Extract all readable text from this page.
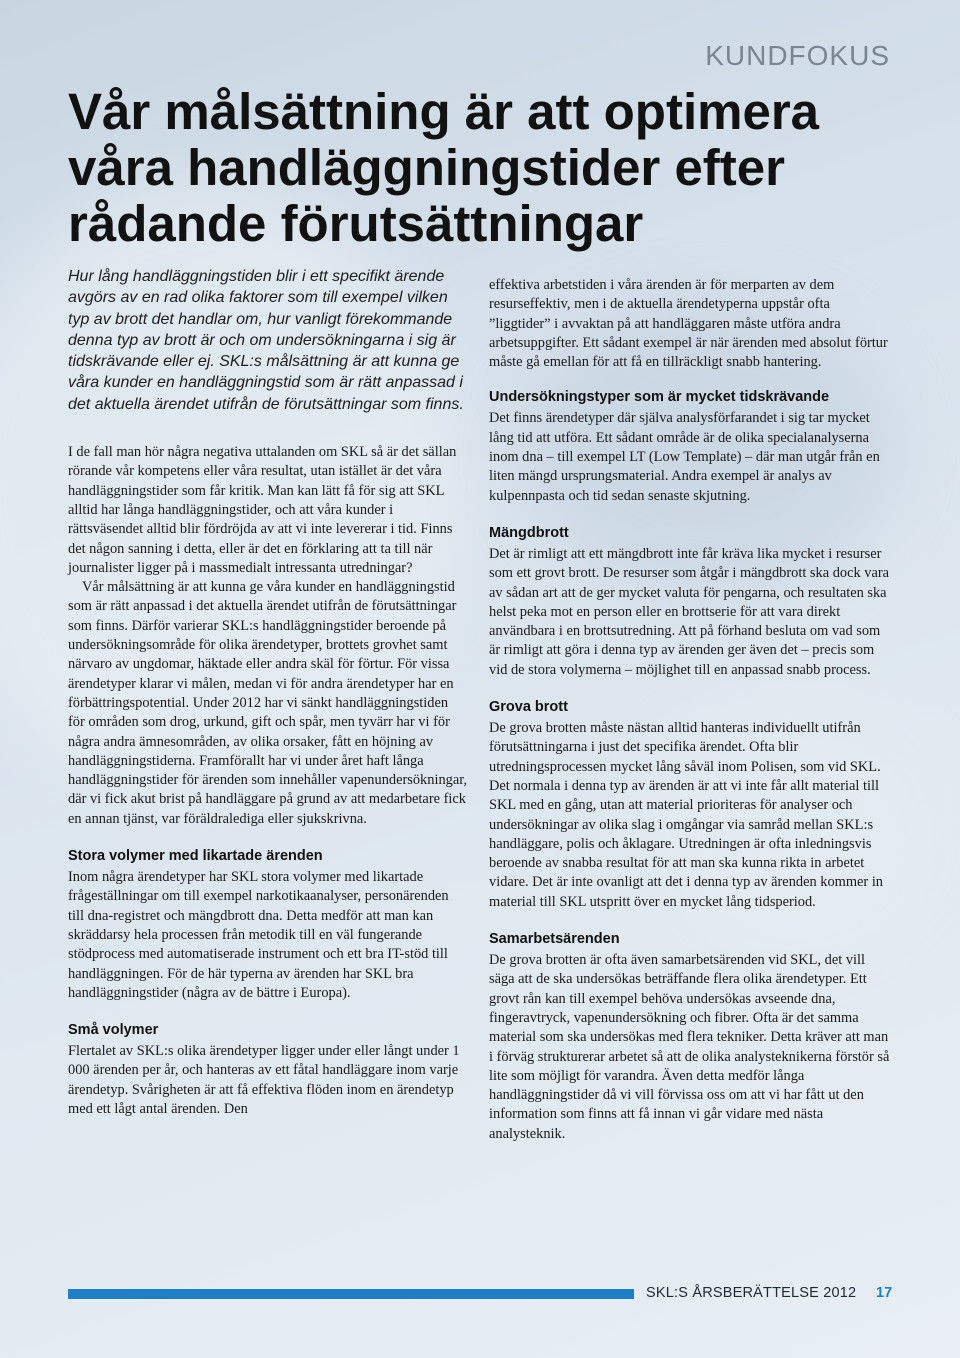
KUNDFOKUS
Vår målsättning är att optimera våra handläggningstider efter rådande förutsättningar

Hur lång handläggningstiden blir i ett specifikt ärende avgörs av en rad olika faktorer som till exempel vilken typ av brott det handlar om, hur vanligt förekommande denna typ av brott är och om undersökningarna i sig är tidskrävande eller ej. SKL:s målsättning är att kunna ge våra kunder en handläggningstid som är rätt anpassad i det aktuella ärendet utifrån de förutsättningar som finns.

I de fall man hör några negativa uttalanden om SKL så är det sällan rörande vår kompetens eller våra resultat, utan istället är det våra handläggningstider som får kritik. Man kan lätt få för sig att SKL alltid har långa handläggningstider, och att våra kunder i rättsväsendet alltid blir fördröjda av att vi inte levererar i tid. Finns det någon sanning i detta, eller är det en förklaring att ta till när journalister ligger på i massmedialt intressanta utredningar?

Vår målsättning är att kunna ge våra kunder en handläggningstid som är rätt anpassad i det aktuella ärendet utifrån de förutsättningar som finns. Därför varierar SKL:s handläggningstider beroende på undersökningsområde för olika ärendetyper, brottets grovhet samt närvaro av ungdomar, häktade eller andra skäl för förtur. För vissa ärendetyper klarar vi målen, medan vi för andra ärendetyper har en förbättringspotential. Under 2012 har vi sänkt handläggningstiden för områden som drog, urkund, gift och spår, men tyvärr har vi för några andra ämnesområden, av olika orsaker, fått en höjning av handläggningstiderna. Framförallt har vi under året haft långa handläggningstider för ärenden som innehåller vapenundersökningar, där vi fick akut brist på handläggare på grund av att medarbetare fick en annan tjänst, var föräldralediga eller sjukskrivna.

Stora volymer med likartade ärenden

Inom några ärendetyper har SKL stora volymer med likartade frågeställningar om till exempel narkotikaanalyser, personärenden till dna-registret och mängdbrott dna. Detta medför att man kan skräddarsy hela processen från metodik till en väl fungerande stödprocess med automatiserade instrument och ett bra IT-stöd till handläggningen. För de här typerna av ärenden har SKL bra handläggningstider (några av de bättre i Europa).

Små volymer

Flertalet av SKL:s olika ärendetyper ligger under eller långt under 1 000 ärenden per år, och hanteras av ett fåtal handläggare inom varje ärendetyp. Svårigheten är att få effektiva flöden inom en ärendetyp med ett lågt antal ärenden. Den

effektiva arbetstiden i våra ärenden är för merparten av dem resurseffektiv, men i de aktuella ärendetyperna uppstår ofta ”liggtider” i avvaktan på att handläggaren måste utföra andra arbetsuppgifter. Ett sådant exempel är när ärenden med absolut förtur måste gå emellan för att få en tillräckligt snabb hantering.

Undersökningstyper som är mycket tidskrävande

Det finns ärendetyper där själva analysförfarandet i sig tar mycket lång tid att utföra. Ett sådant område är de olika specialanalyserna inom dna – till exempel LT (Low Template) – där man utgår från en liten mängd ursprungsmaterial. Andra exempel är analys av kulpennpasta och tid sedan senaste skjutning.

Mängdbrott

Det är rimligt att ett mängdbrott inte får kräva lika mycket i resurser som ett grovt brott. De resurser som åtgår i mängdbrott ska dock vara av sådan art att de ger mycket valuta för pengarna, och resultaten ska helst peka mot en person eller en brottserie för att vara direkt användbara i en brottsutredning. Att på förhand besluta om vad som är rimligt att göra i denna typ av ärenden ger även det – precis som vid de stora volymerna – möjlighet till en anpassad snabb process.

Grova brott

De grova brotten måste nästan alltid hanteras individuellt utifrån förutsättningarna i just det specifika ärendet. Ofta blir utredningsprocessen mycket lång såväl inom Polisen, som vid SKL. Det normala i denna typ av ärenden är att vi inte får allt material till SKL med en gång, utan att material prioriteras för analyser och undersökningar av olika slag i omgångar via samråd mellan SKL:s handläggare, polis och åklagare. Utredningen är ofta inledningsvis beroende av snabba resultat för att man ska kunna rikta in arbetet vidare. Det är inte ovanligt att det i denna typ av ärenden kommer in material till SKL utspritt över en mycket lång tidsperiod.

Samarbetsärenden

De grova brotten är ofta även samarbetsärenden vid SKL, det vill säga att de ska undersökas beträffande flera olika ärendetyper. Ett grovt rån kan till exempel behöva undersökas avseende dna, fingeravtryck, vapenundersökning och fibrer. Ofta är det samma material som ska undersökas med flera tekniker. Detta kräver att man i förväg strukturerar arbetet så att de olika analysteknikerna förstör så lite som möjligt för varandra. Även detta medför långa handläggningstider då vi vill förvissa oss om att vi har fått ut den information som finns att få innan vi går vidare med nästa analysteknik.

SKL:S ÅRSBERÄTTELSE 2012 17
